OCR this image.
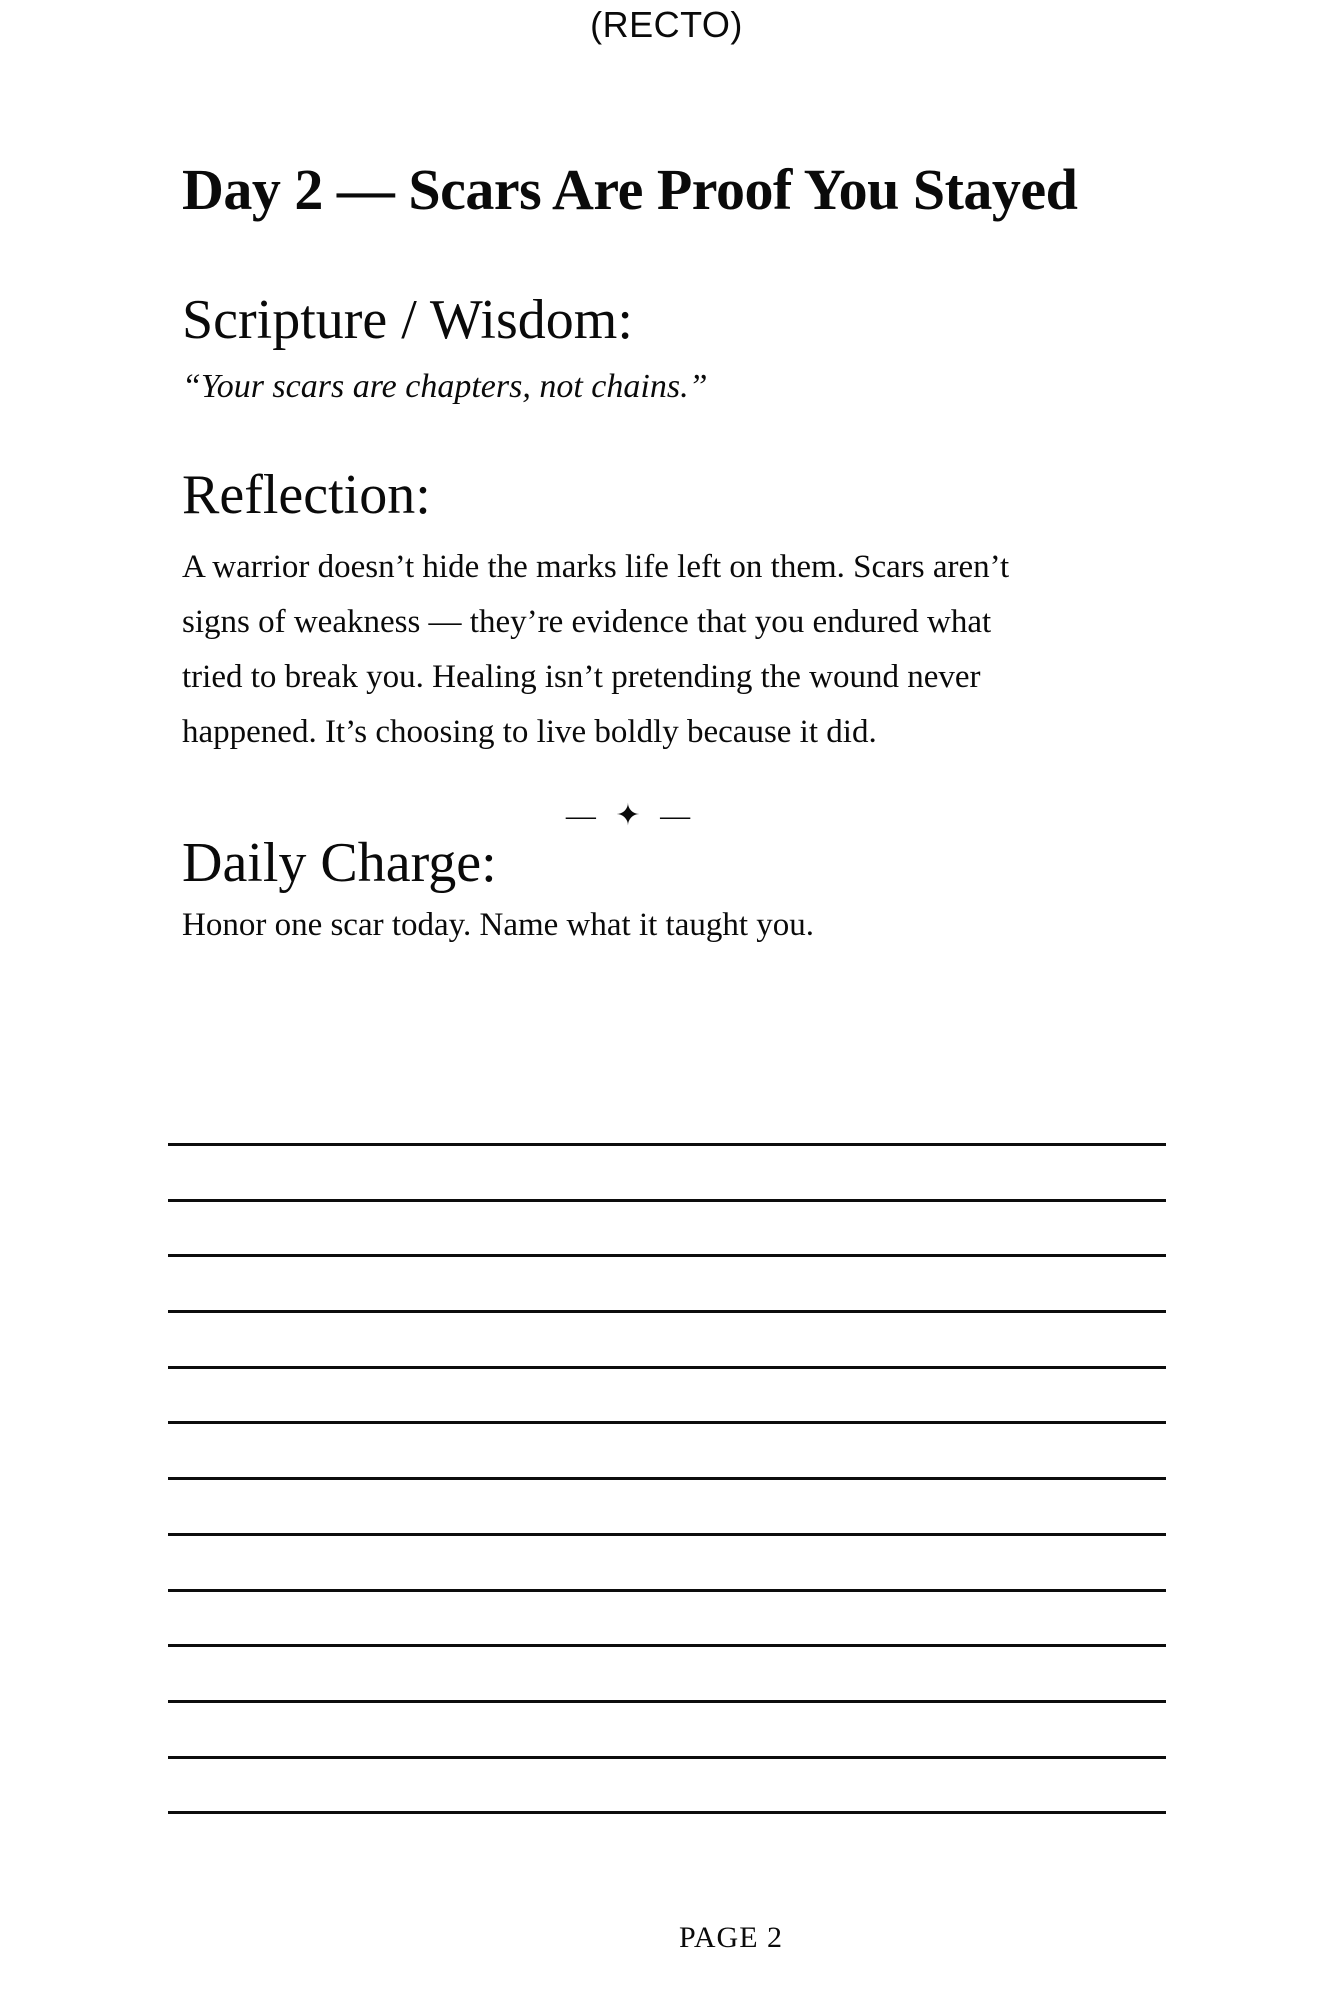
(RECTO)
Day 2 — Scars Are Proof You Stayed
Scripture / Wisdom:
“Your scars are chapters, not chains.”
Reflection:
A warrior doesn’t hide the marks life left on them. Scars aren’t
signs of weakness — they’re evidence that you endured what
tried to break you. Healing isn’t pretending the wound never
happened. It’s choosing to live boldly because it did.
— ✦ —
Daily Charge:
Honor one scar today. Name what it taught you.
PAGE 2
